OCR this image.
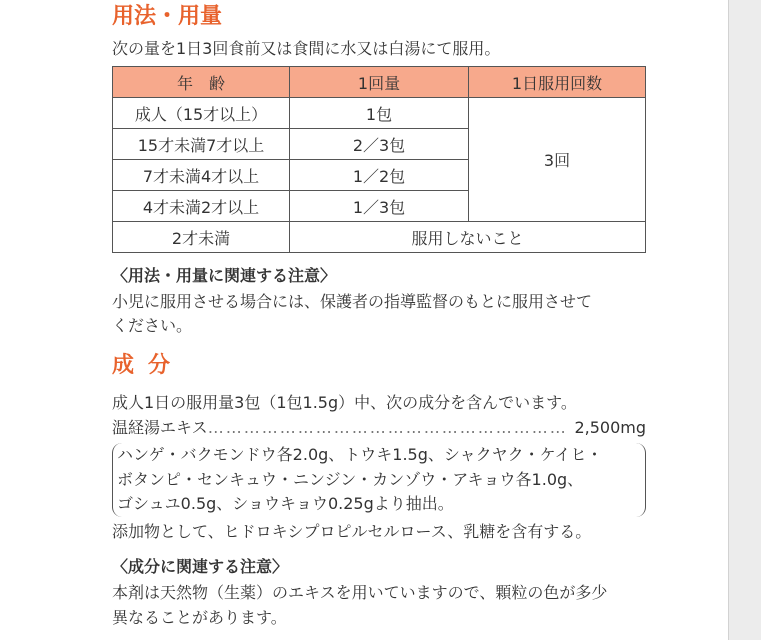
用法・用量

次の量を1日3回食前又は食間に水又は白湯にて服用。

年　齢	1回量	1日服用回数
成人（15才以上）	1包	3回
15才未満7才以上	2／3包	
7才未満4才以上	1／2包	
4才未満2才以上	1／3包	
2才未満	服用しないこと	

〈用法・用量に関連する注意〉

小児に服用させる場合には、保護者の指導監督のもとに服用させて

ください。

成分

成人1日の服用量3包（1包1.5g）中、次の成分を含んでいます。

温経湯エキス …………………………………………………… 2,500mg
ハンゲ・バクモンドウ各2.0g、トウキ1.5g、シャクヤク・ケイヒ・
ボタンピ・センキュウ・ニンジン・カンゾウ・アキョウ各1.0g、
ゴシュユ0.5g、ショウキョウ0.25gより抽出。

添加物として、ヒドロキシプロピルセルロース、乳糖を含有する。

〈成分に関連する注意〉

本剤は天然物（生薬）のエキスを用いていますので、顆粒の色が多少

異なることがあります。
